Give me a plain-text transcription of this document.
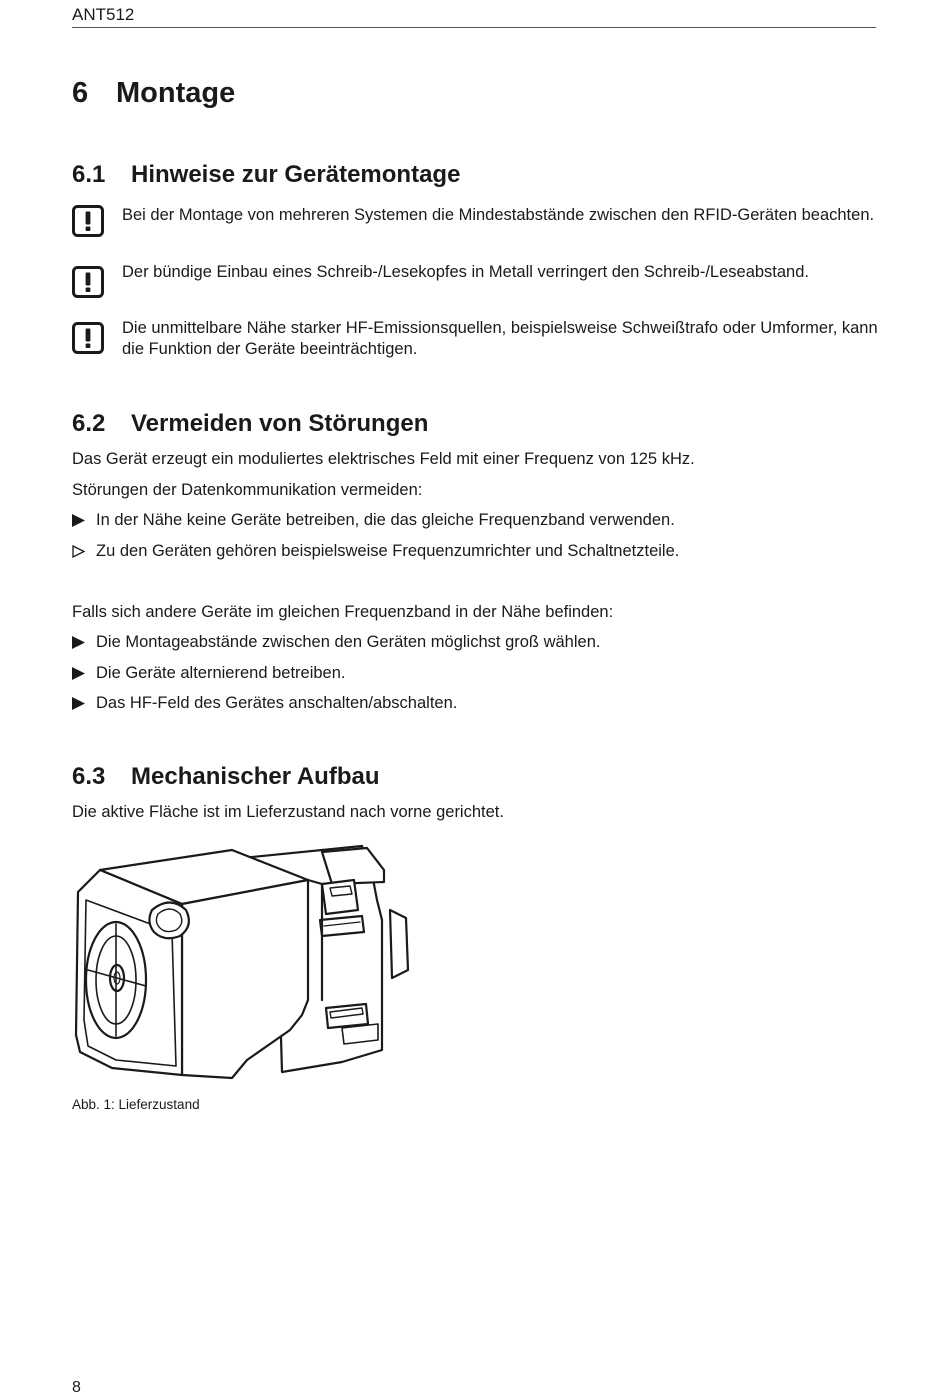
ANT512
6 Montage
6.1 Hinweise zur Gerätemontage
Bei der Montage von mehreren Systemen die Mindestabstände zwischen den RFID-Geräten beachten.
Der bündige Einbau eines Schreib-/Lesekopfes in Metall verringert den Schreib-/Leseabstand.
Die unmittelbare Nähe starker HF-Emissionsquellen, beispielsweise Schweißtrafo oder Umformer, kann die Funktion der Geräte beeinträchtigen.
6.2 Vermeiden von Störungen
Das Gerät erzeugt ein moduliertes elektrisches Feld mit einer Frequenz von 125 kHz.
Störungen der Datenkommunikation vermeiden:
In der Nähe keine Geräte betreiben, die das gleiche Frequenzband verwenden.
Zu den Geräten gehören beispielsweise Frequenzumrichter und Schaltnetzteile.
Falls sich andere Geräte im gleichen Frequenzband in der Nähe befinden:
Die Montageabstände zwischen den Geräten möglichst groß wählen.
Die Geräte alternierend betreiben.
Das HF-Feld des Gerätes anschalten/abschalten.
6.3 Mechanischer Aufbau
Die aktive Fläche ist im Lieferzustand nach vorne gerichtet.
Abb. 1: Lieferzustand
8
